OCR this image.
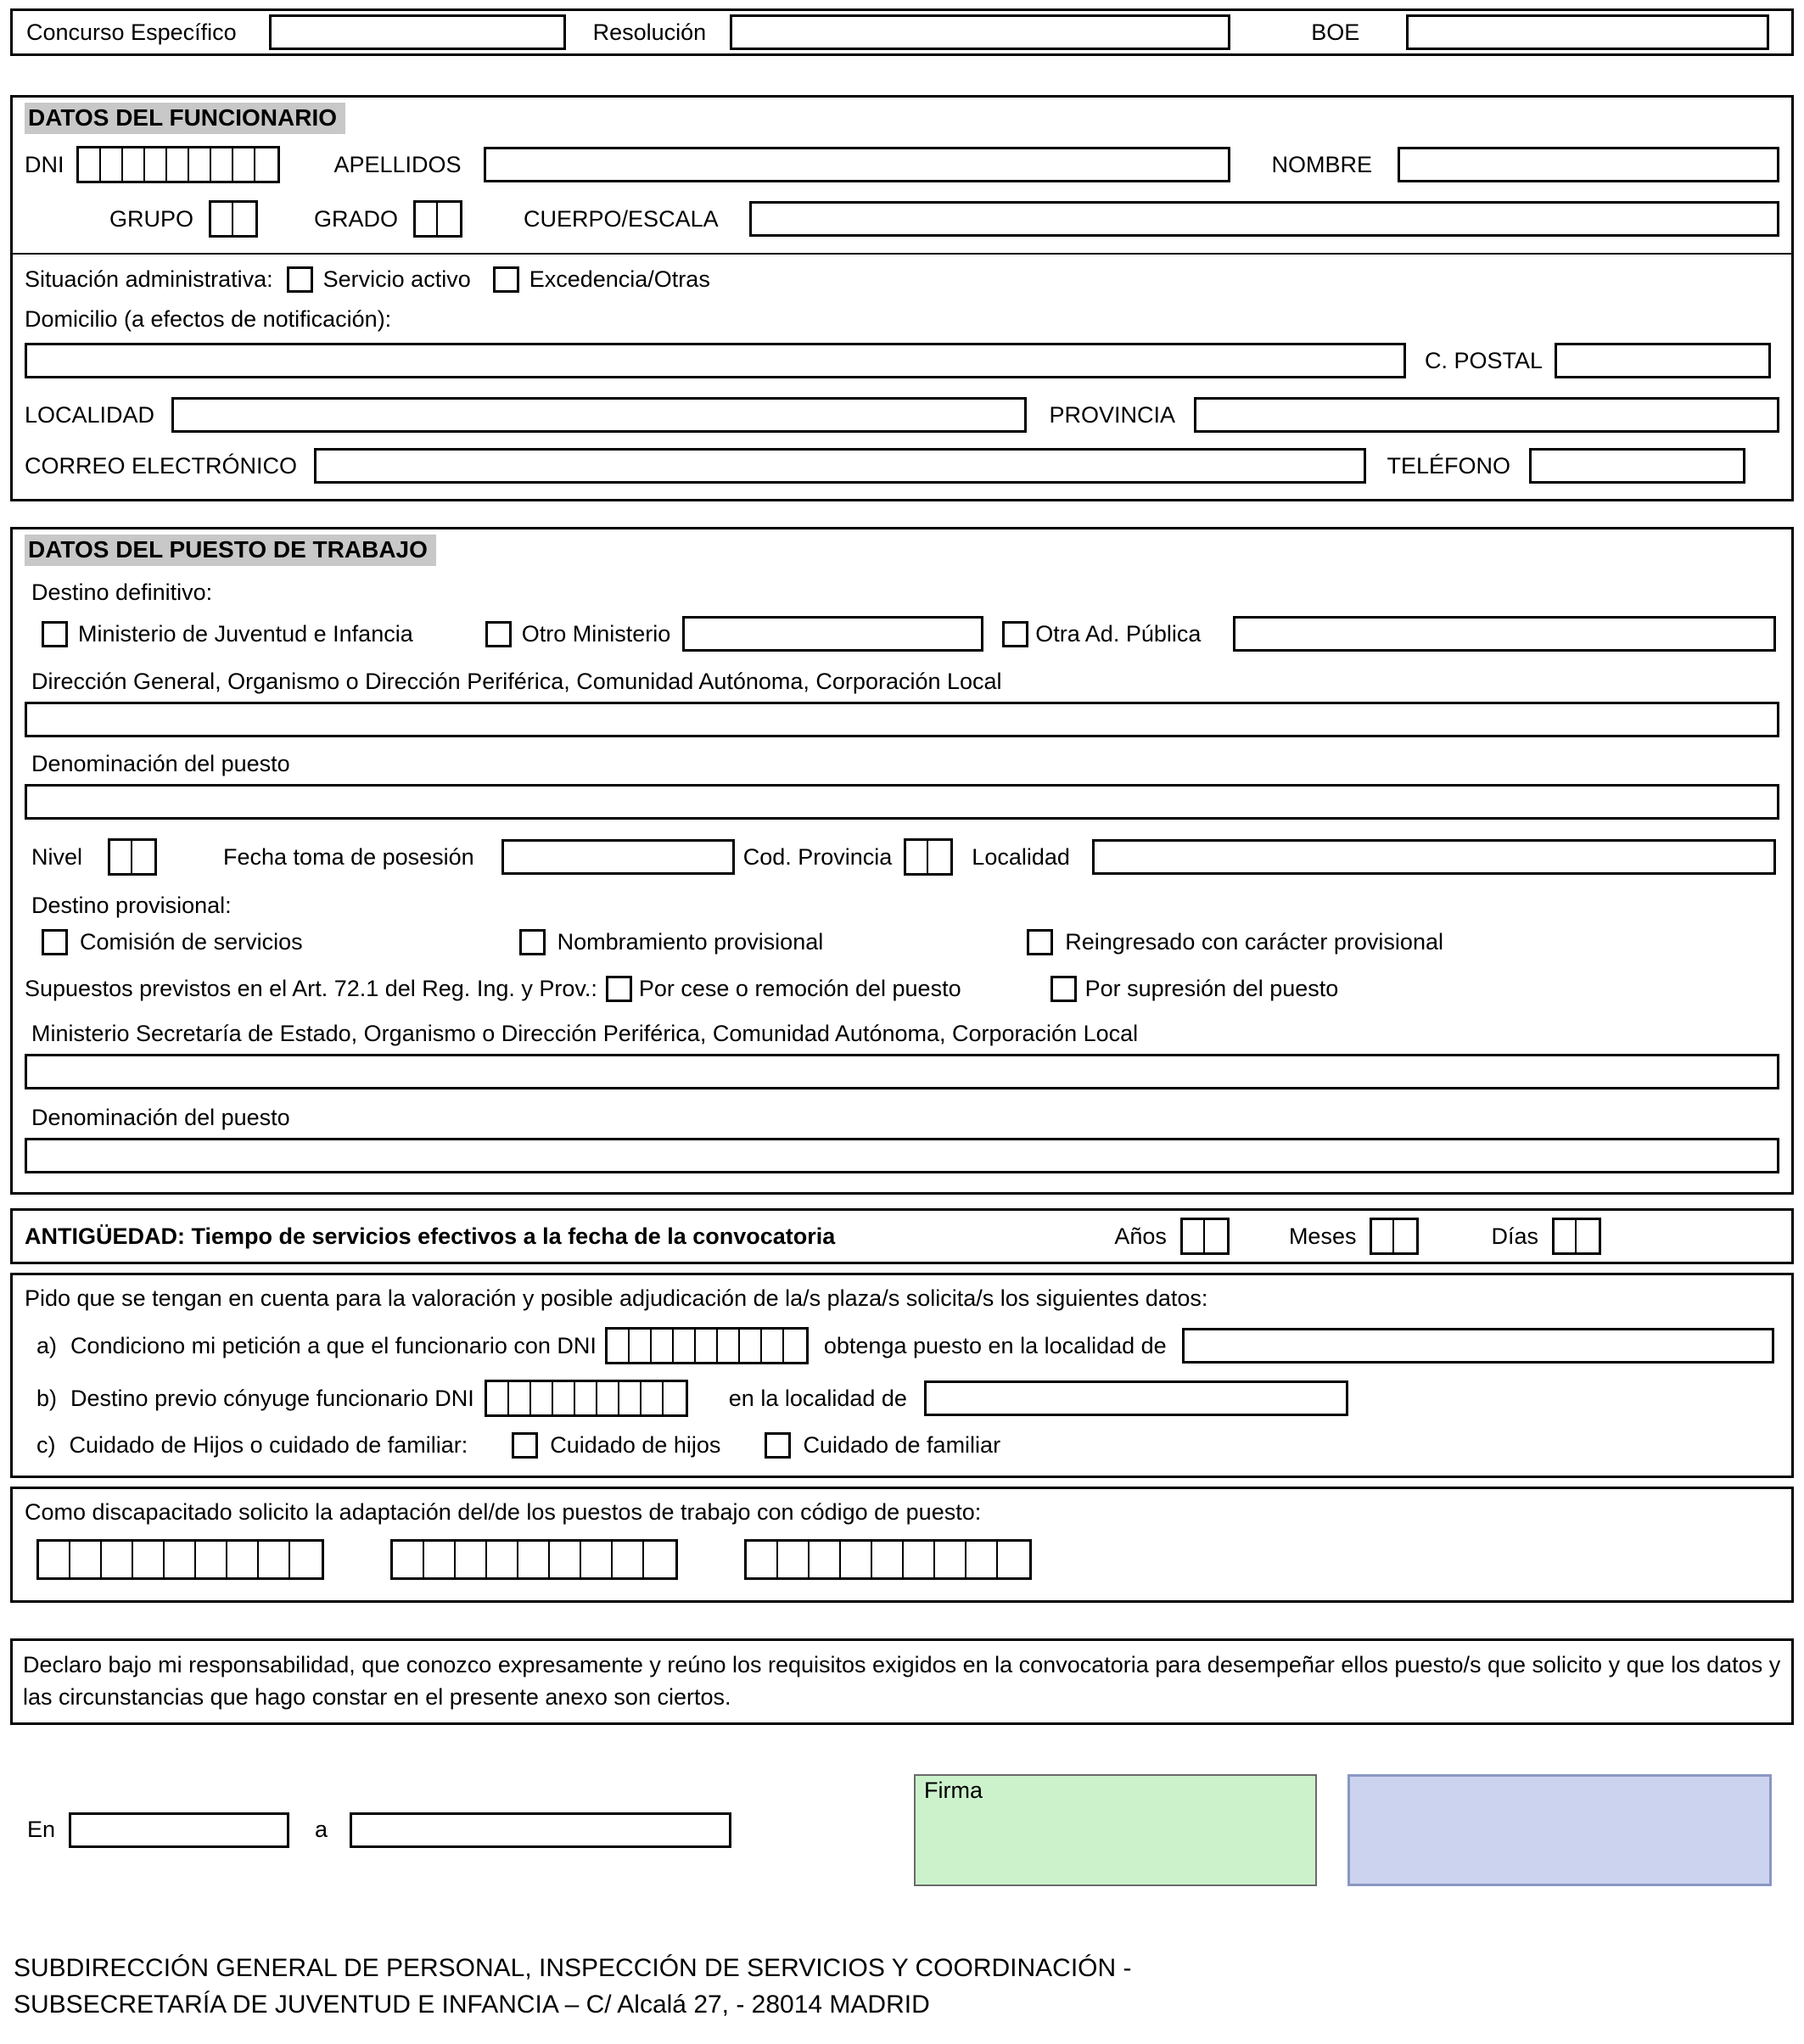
Concurso Específico	Resolución	BOE
DATOS DEL FUNCIONARIO
DNI	APELLIDOS	NOMBRE
GRUPO	GRADO	CUERPO/ESCALA
Situación administrativa: Servicio activo	Excedencia/Otras
Domicilio (a efectos de notificación):
C. POSTAL
LOCALIDAD	PROVINCIA
CORREO ELECTRÓNICO	TELÉFONO
DATOS DEL PUESTO DE TRABAJO
Destino definitivo:
Ministerio de Juventud e Infancia	Otro Ministerio	Otra Ad. Pública
Dirección General, Organismo o Dirección Periférica, Comunidad Autónoma, Corporación Local
Denominación del puesto
Nivel	Fecha toma de posesión	Cod. Provincia	Localidad
Destino provisional:
Comisión de servicios	Nombramiento provisional	Reingresado con carácter provisional
Supuestos previstos en el Art. 72.1 del Reg. Ing. y Prov.: Por cese o remoción del puesto	Por supresión del puesto
Ministerio Secretaría de Estado, Organismo o Dirección Periférica, Comunidad Autónoma, Corporación Local
Denominación del puesto
ANTIGÜEDAD: Tiempo de servicios efectivos a la fecha de la convocatoria	Años	Meses	Días
Pido que se tengan en cuenta para la valoración y posible adjudicación de la/s plaza/s solicita/s los siguientes datos:
a) Condiciono mi petición a que el funcionario con DNI	obtenga puesto en la localidad de
b) Destino previo cónyuge funcionario DNI	en la localidad de
c) Cuidado de Hijos o cuidado de familiar:	Cuidado de hijos	Cuidado de familiar
Como discapacitado solicito la adaptación del/de los puestos de trabajo con código de puesto:
Declaro bajo mi responsabilidad, que conozco expresamente y reúno los requisitos exigidos en la convocatoria para desempeñar ellos puesto/s que solicito y que los datos y las circunstancias que hago constar en el presente anexo son ciertos.
En	a
Firma
SUBDIRECCIÓN GENERAL DE PERSONAL, INSPECCIÓN DE SERVICIOS Y COORDINACIÓN -
SUBSECRETARÍA DE JUVENTUD E INFANCIA – C/ Alcalá 27, - 28014 MADRID
